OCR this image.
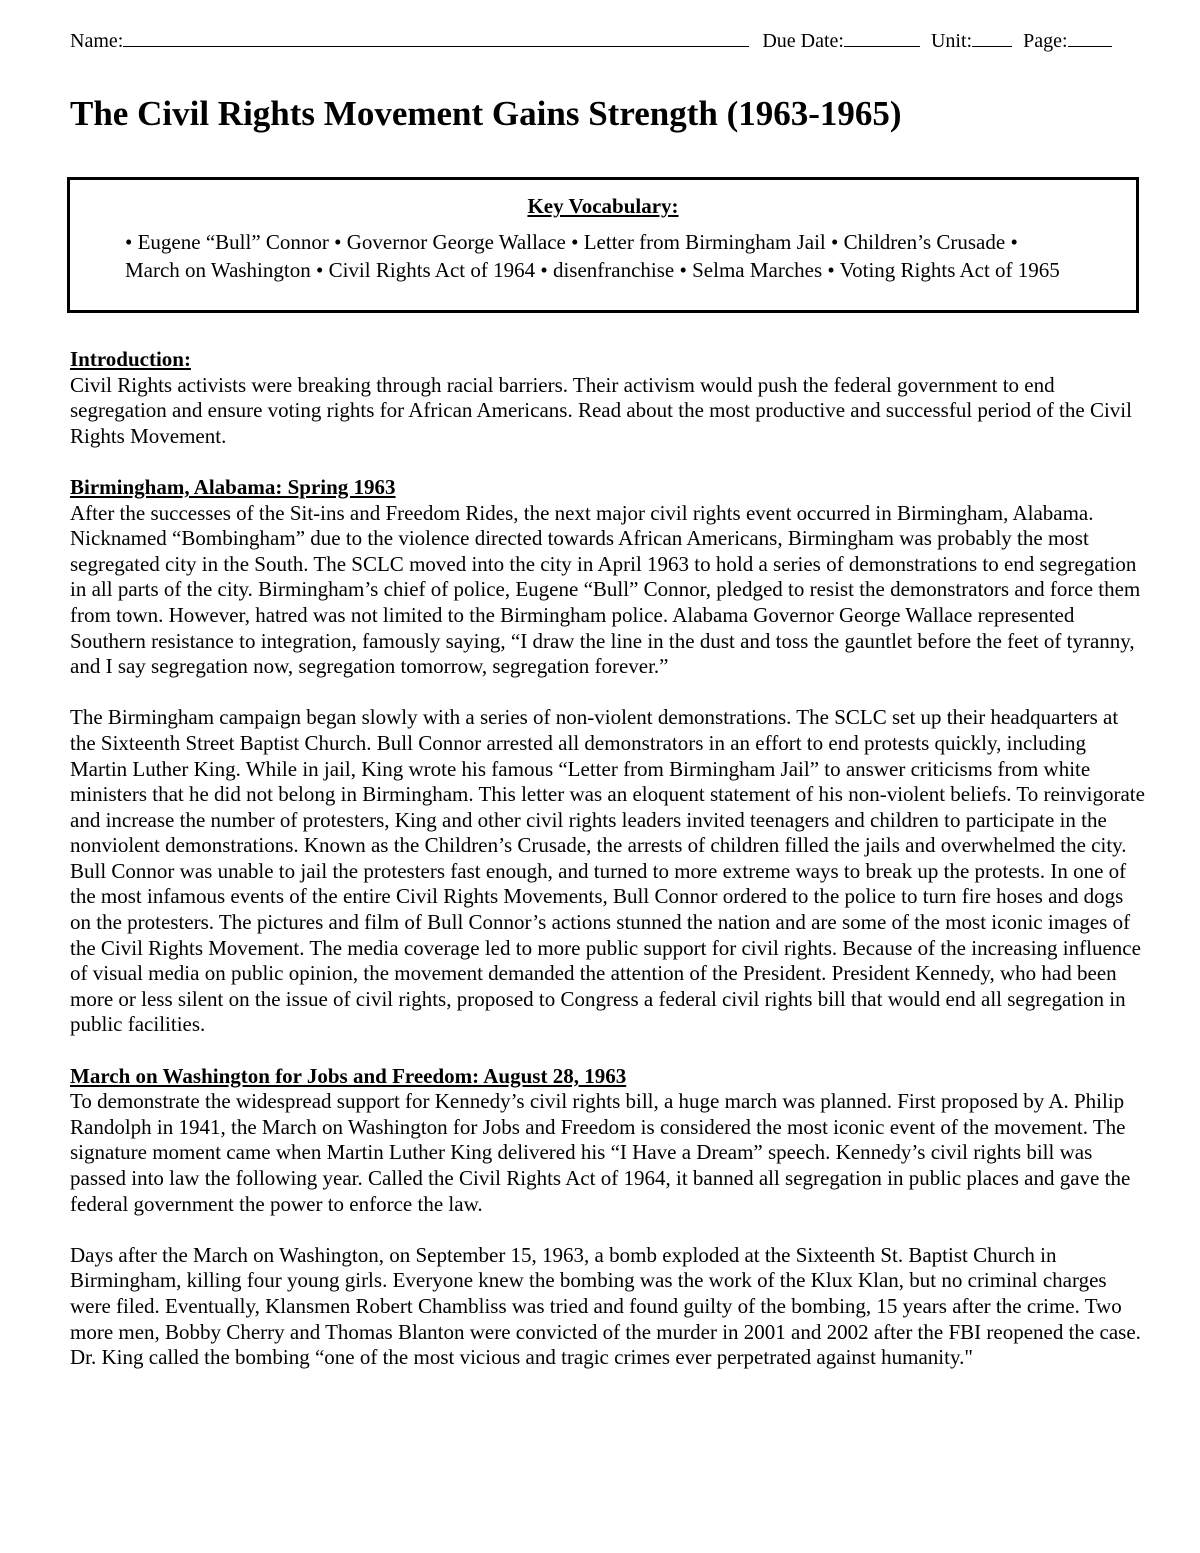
Name:	Due Date:	Unit:	Page:
The Civil Rights Movement Gains Strength (1963-1965)
Key Vocabulary:
• Eugene “Bull” Connor • Governor George Wallace • Letter from Birmingham Jail • Children’s Crusade • March on Washington • Civil Rights Act of 1964 • disenfranchise • Selma Marches • Voting Rights Act of 1965

Introduction:

Civil Rights activists were breaking through racial barriers. Their activism would push the federal government to end segregation and ensure voting rights for African Americans. Read about the most productive and successful period of the Civil Rights Movement.

Birmingham, Alabama: Spring 1963

After the successes of the Sit-ins and Freedom Rides, the next major civil rights event occurred in Birmingham, Alabama. Nicknamed “Bombingham” due to the violence directed towards African Americans, Birmingham was probably the most segregated city in the South. The SCLC moved into the city in April 1963 to hold a series of demonstrations to end segregation in all parts of the city. Birmingham’s chief of police, Eugene “Bull” Connor, pledged to resist the demonstrators and force them from town. However, hatred was not limited to the Birmingham police. Alabama Governor George Wallace represented Southern resistance to integration, famously saying, “I draw the line in the dust and toss the gauntlet before the feet of tyranny, and I say segregation now, segregation tomorrow, segregation forever.”

The Birmingham campaign began slowly with a series of non-violent demonstrations. The SCLC set up their headquarters at the Sixteenth Street Baptist Church. Bull Connor arrested all demonstrators in an effort to end protests quickly, including Martin Luther King. While in jail, King wrote his famous “Letter from Birmingham Jail” to answer criticisms from white ministers that he did not belong in Birmingham. This letter was an eloquent statement of his non-violent beliefs. To reinvigorate and increase the number of protesters, King and other civil rights leaders invited teenagers and children to participate in the nonviolent demonstrations. Known as the Children’s Crusade, the arrests of children filled the jails and overwhelmed the city. Bull Connor was unable to jail the protesters fast enough, and turned to more extreme ways to break up the protests. In one of the most infamous events of the entire Civil Rights Movements, Bull Connor ordered to the police to turn fire hoses and dogs on the protesters. The pictures and film of Bull Connor’s actions stunned the nation and are some of the most iconic images of the Civil Rights Movement. The media coverage led to more public support for civil rights. Because of the increasing influence of visual media on public opinion, the movement demanded the attention of the President. President Kennedy, who had been more or less silent on the issue of civil rights, proposed to Congress a federal civil rights bill that would end all segregation in public facilities.

March on Washington for Jobs and Freedom: August 28, 1963

To demonstrate the widespread support for Kennedy’s civil rights bill, a huge march was planned. First proposed by A. Philip Randolph in 1941, the March on Washington for Jobs and Freedom is considered the most iconic event of the movement. The signature moment came when Martin Luther King delivered his “I Have a Dream” speech. Kennedy’s civil rights bill was passed into law the following year. Called the Civil Rights Act of 1964, it banned all segregation in public places and gave the federal government the power to enforce the law.

Days after the March on Washington, on September 15, 1963, a bomb exploded at the Sixteenth St. Baptist Church in Birmingham, killing four young girls. Everyone knew the bombing was the work of the Klux Klan, but no criminal charges were filed. Eventually, Klansmen Robert Chambliss was tried and found guilty of the bombing, 15 years after the crime. Two more men, Bobby Cherry and Thomas Blanton were convicted of the murder in 2001 and 2002 after the FBI reopened the case. Dr. King called the bombing “one of the most vicious and tragic crimes ever perpetrated against humanity."
